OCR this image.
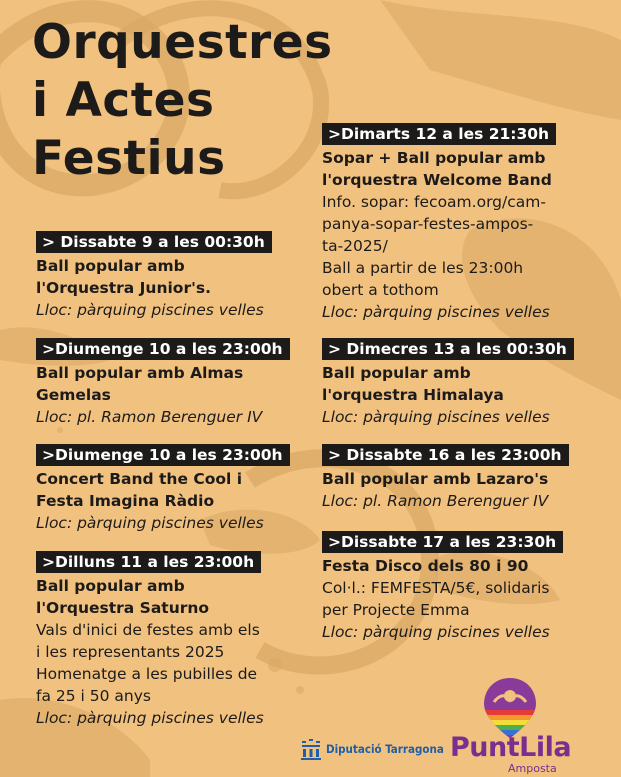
Orquestres
i Actes
Festius
> Dissabte 9 a les 00:30h
Ball popular amb
l'Orquestra Junior's.
Lloc: pàrquing piscines velles
>Diumenge 10 a les 23:00h
Ball popular amb Almas
Gemelas
Lloc: pl. Ramon Berenguer IV
>Diumenge 10 a les 23:00h
Concert Band the Cool i
Festa Imagina Ràdio
Lloc: pàrquing piscines velles
>Dilluns 11 a les 23:00h
Ball popular amb
l'Orquestra Saturno
Vals d'inici de festes amb els
i les representants 2025
Homenatge a les pubilles de
fa 25 i 50 anys
Lloc: pàrquing piscines velles
>Dimarts 12 a les 21:30h
Sopar + Ball popular amb
l'orquestra Welcome Band
Info. sopar: fecoam.org/cam-
panya-sopar-festes-ampos-
ta-2025/
Ball a partir de les 23:00h
obert a tothom
Lloc: pàrquing piscines velles
> Dimecres 13 a les 00:30h
Ball popular amb
l'orquestra Himalaya
Lloc: pàrquing piscines velles
> Dissabte 16 a les 23:00h
Ball popular amb Lazaro's
Lloc: pl. Ramon Berenguer IV
>Dissabte 17 a les 23:30h
Festa Disco dels 80 i 90
Col·l.: FEMFESTA/5€, solidaris
per Projecte Emma
Lloc: pàrquing piscines velles
Diputació Tarragona PuntLila
Amposta
